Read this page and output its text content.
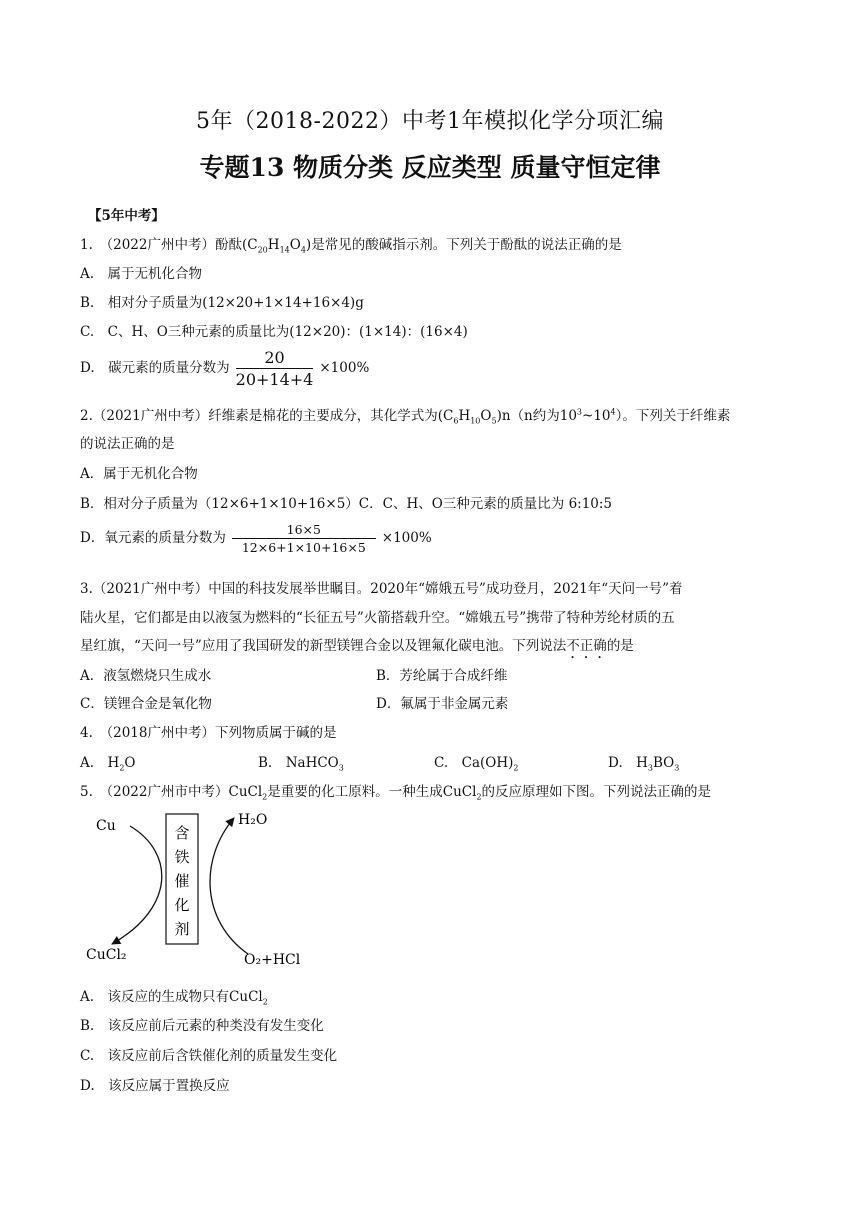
5年（2018-2022）中考1年模拟化学分项汇编
专题13 物质分类 反应类型 质量守恒定律
【5年中考】
1.　（2022广州中考）酚酞$(C_{20}H_{14}O_4)$是常见的酸碱指示剂。下列关于酚酞的说法正确的是
A.　属于无机化合物
B.　相对分子质量为(12×20+1×14+16×4)g
C.　C、H、O三种元素的质量比为(12×20)：(1×14)：(16×4)
D.　碳元素的质量分数为 $\frac{20}{20+14+4} \times 100\%$
2.（2021广州中考）纤维素是棉花的主要成分，其化学式为$(C_6H_{10}O_5)n(n$约为$10^3\sim 10^4$）。下列关于纤维素
的说法正确的是
A．属于无机化合物
B．相对分子质量为（12×6+1×10+16×5）C．C、H、O三种元素的质量比为 6:10:5
D．氧元素的质量分数为 $\frac{16\times 5}{12\times 6+1\times 10+16\times 5} \times 100\%$
3.（2021广州中考）中国的科技发展举世瞩目。2020年“嫦娥五号”成功登月，2021年“天问一号”着
陆火星，它们都是由以液氢为燃料的“长征五号”火箭搭载升空。“嫦娥五号”携带了特种芳纶材质的五
星红旗，“天问一号”应用了我国研发的新型镁锂合金以及锂氟化碳电池。下列说法不正确的是
A．液氢燃烧只生成水	B．芳纶属于合成纤维
C．镁锂合金是氧化物	D．氟属于非金属元素
4.　（2018广州中考）下列物质属于碱的是
A.　$H_2O$	B.　NaHCO$_3$	C.　$Ca(OH)_2$	D.　$H_3BO_3$
5.　（2022广州市中考）CuCl$_2$是重要的化工原料。一种生成CuCl$_2$的反应原理如下图。下列说法正确的是
Cu	H₂O
CuCl₂	O₂+HCl
含
铁
催
化
剂
A.　该反应的生成物只有CuCl$_2$
B.　该反应前后元素的种类没有发生变化
C.　该反应前后含铁催化剂的质量发生变化
D.　该反应属于置换反应
